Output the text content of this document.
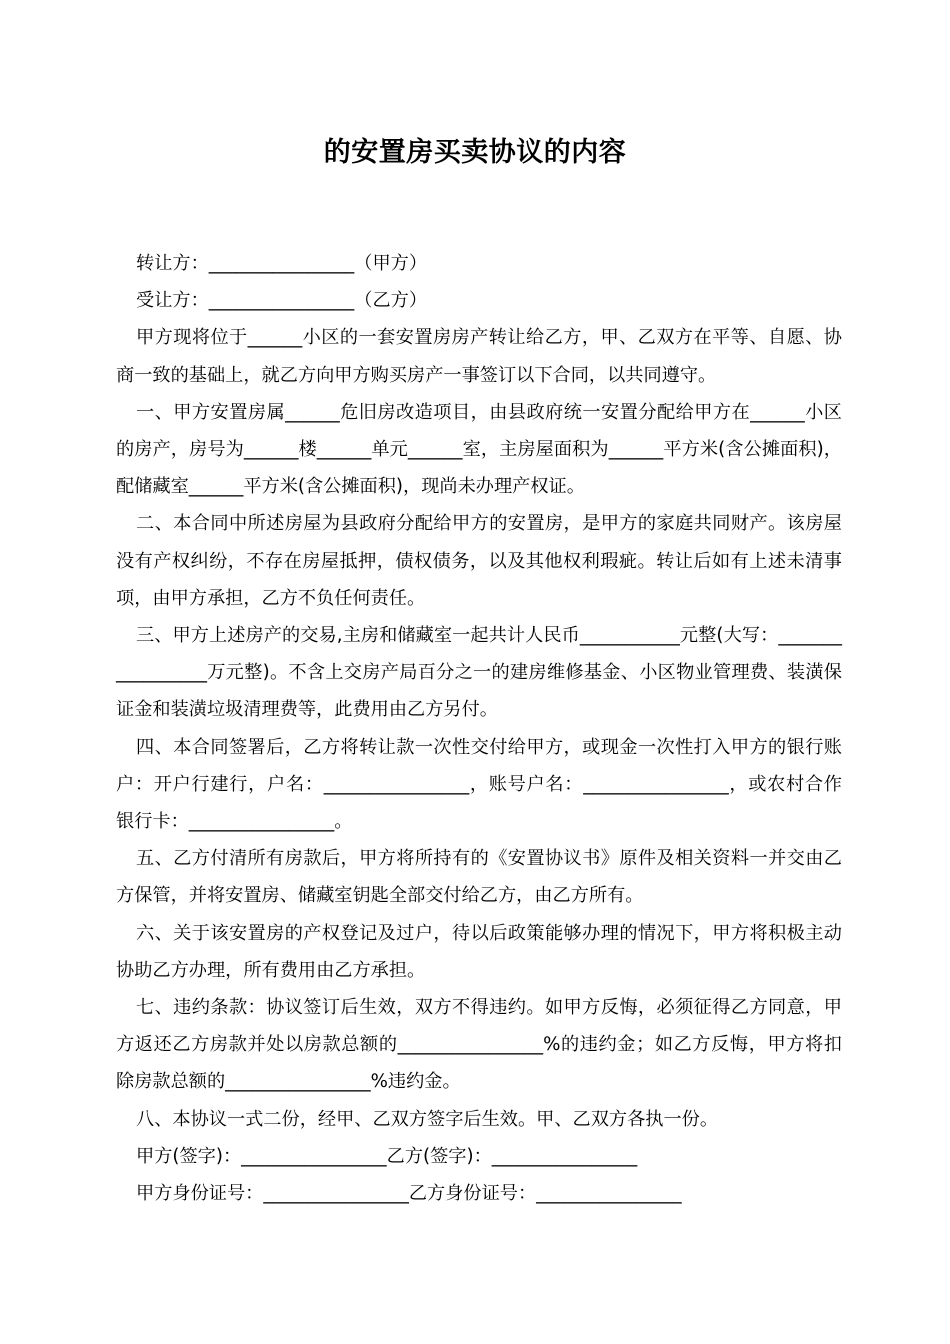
的安置房买卖协议的内容

转让方：________________（甲方）

受让方：________________（乙方）

甲方现将位于______小区的一套安置房房产转让给乙方，甲、乙双方在平等、自愿、协商一致的基础上，就乙方向甲方购买房产一事签订以下合同，以共同遵守。

一、甲方安置房属______危旧房改造项目，由县政府统一安置分配给甲方在______小区的房产，房号为______楼______单元______室，主房屋面积为______平方米(含公摊面积)，配储藏室______平方米(含公摊面积)，现尚未办理产权证。

二、本合同中所述房屋为县政府分配给甲方的安置房，是甲方的家庭共同财产。该房屋没有产权纠纷，不存在房屋抵押，债权债务，以及其他权利瑕疵。转让后如有上述未清事项，由甲方承担，乙方不负任何责任。

三、甲方上述房产的交易,主房和储藏室一起共计人民币___________元整(大写：_________________万元整)。不含上交房产局百分之一的建房维修基金、小区物业管理费、装潢保证金和装潢垃圾清理费等，此费用由乙方另付。

四、本合同签署后，乙方将转让款一次性交付给甲方，或现金一次性打入甲方的银行账户：开户行建行，户名：________________，账号户名：________________，或农村合作银行卡：________________。

五、乙方付清所有房款后，甲方将所持有的《安置协议书》原件及相关资料一并交由乙方保管，并将安置房、储藏室钥匙全部交付给乙方，由乙方所有。

六、关于该安置房的产权登记及过户，待以后政策能够办理的情况下，甲方将积极主动协助乙方办理，所有费用由乙方承担。

七、违约条款：协议签订后生效，双方不得违约。如甲方反悔，必须征得乙方同意，甲方返还乙方房款并处以房款总额的________________%的违约金；如乙方反悔，甲方将扣除房款总额的________________%违约金。

八、本协议一式二份，经甲、乙双方签字后生效。甲、乙双方各执一份。

甲方(签字)：________________乙方(签字)：________________

甲方身份证号：________________乙方身份证号：________________
